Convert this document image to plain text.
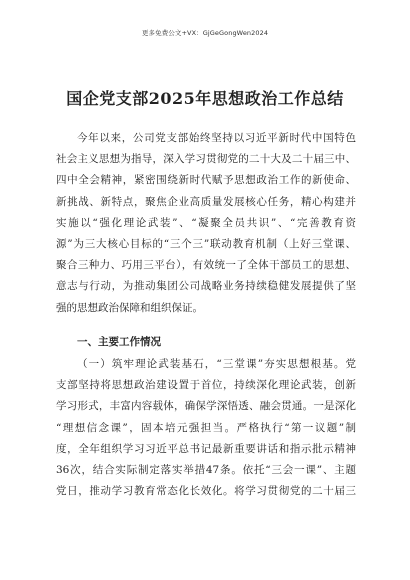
更多免费公文+VX：GjGeGongWen2024
国企党支部2025年思想政治工作总结
今年以来，公司党支部始终坚持以习近平新时代中国特色
社会主义思想为指导，深入学习贯彻党的二十大及二十届三中、
四中全会精神，紧密围绕新时代赋予思想政治工作的新使命、
新挑战、新特点，聚焦企业高质量发展核心任务，精心构建并
实施以“强化理论武装”、“凝聚全员共识”、“完善教育资
源”为三大核心目标的“三个三”联动教育机制（上好三堂课、
聚合三种力、巧用三平台），有效统一了全体干部员工的思想、
意志与行动，为推动集团公司战略业务持续稳健发展提供了坚
强的思想政治保障和组织保证。
一、主要工作情况
（一）筑牢理论武装基石，“三堂课”夯实思想根基。党
支部坚持将思想政治建设置于首位，持续深化理论武装，创新
学习形式，丰富内容载体，确保学深悟透、融会贯通。一是深化
“理想信念课”，固本培元强担当。严格执行“第一议题”制
度，全年组织学习习近平总书记最新重要讲话和指示批示精神
36次，结合实际制定落实举措47条。依托“三会一课”、主题
党日，推动学习教育常态化长效化。将学习贯彻党的二十届三
